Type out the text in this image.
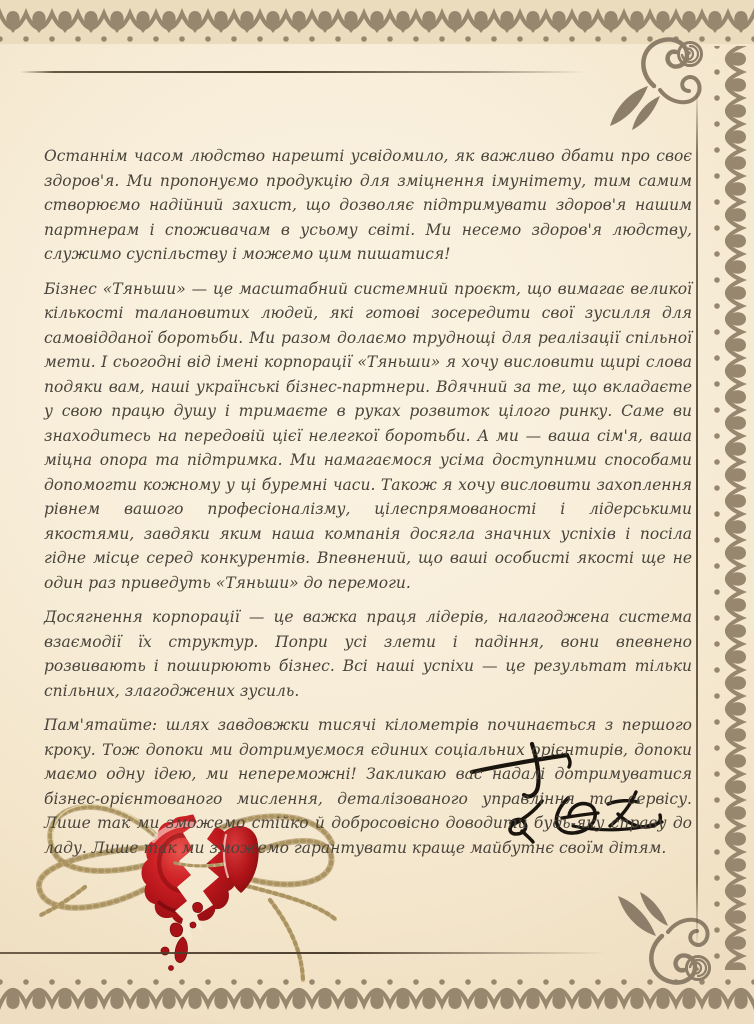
Останнім часом людство нарешті усвідомило, як важливо дбати про своє здоров'я. Ми пропонуємо продукцію для зміцнення імунітету, тим самим створюємо надійний захист, що дозволяє підтримувати здоров'я нашим партнерам і споживачам в усьому світі. Ми несемо здоров'я людству, служимо суспільству і можемо цим пишатися!

Бізнес «Тяньши» — це масштабний системний проєкт, що вимагає великої кількості талановитих людей, які готові зосередити свої зусилля для самовідданої боротьби. Ми разом долаємо труднощі для реалізації спільної мети. І сьогодні від імені корпорації «Тяньши» я хочу висловити щирі слова подяки вам, наші українські бізнес-партнери. Вдячний за те, що вкладаєте у свою працю душу і тримаєте в руках розвиток цілого ринку. Саме ви знаходитесь на передовій цієї нелегкої боротьби. А ми — ваша сім'я, ваша міцна опора та підтримка. Ми намагаємося усіма доступними способами допомогти кожному у ці буремні часи. Також я хочу висловити захоплення рівнем вашого професіоналізму, цілеспрямованості і лідерськими якостями, завдяки яким наша компанія досягла значних успіхів і посіла гідне місце серед конкурентів. Впевнений, що ваші особисті якості ще не один раз приведуть «Тяньши» до перемоги.

Досягнення корпорації — це важка праця лідерів, налагоджена система взаємодії їх структур. Попри усі злети і падіння, вони впевнено розвивають і поширюють бізнес. Всі наші успіхи — це результат тільки спільних, злагоджених зусиль.

Пам'ятайте: шлях завдовжки тисячі кілометрів починається з першого кроку. Тож допоки ми дотримуємося єдиних соціальних орієнтирів, допоки маємо одну ідею, ми непереможні! Закликаю вас надалі дотримуватися бізнес-орієнтованого мислення, деталізованого управління та сервісу. Лише так ми зможемо стійко й добросовісно доводити будь-яку справу до ладу. Лише так ми зможемо гарантувати краще майбутнє своїм дітям.
